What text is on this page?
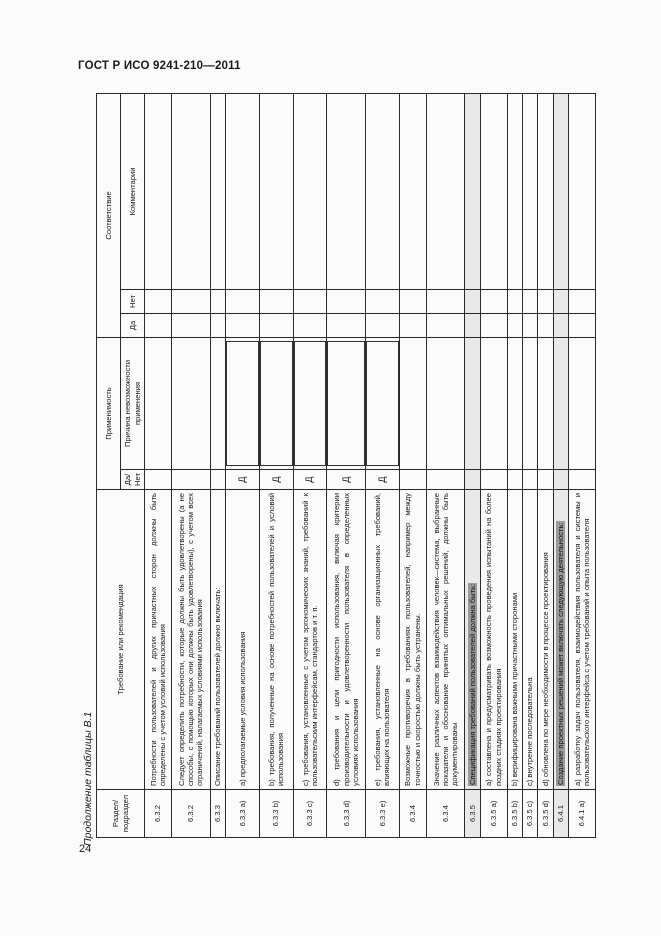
ГОСТ Р ИСО 9241-210—2011
24
Продолжение таблицы В.1 Раздел/ подраздел	Требование или рекомендация	Применимость		Соответствие		
		Да/Нет	Причина невозможности применения	Да	Нет	Комментарии
6.3.2	Потребности пользователей и других причастных сторон должны быть определены с учетом условий использования					
6.3.2	Следует определить потребности, которые должны быть удовлетворены (а не способы, с помощью которых они должны быть удовлетворены), с учетом всех ограничений, налагаемых условиями использования					
6.3.3	Описание требований пользователей должно включать:					
6.3.3 a)	a) предполагаемые условия использования	Д	

6.3.3 b)	b) требования, полученные на основе потребностей пользователей и условий использования	Д	

6.3.3 c)	c) требования, установленные с учетом эргономических знаний, требований к пользовательским интерфейсам, стандартов и т. п.	Д	

6.3.3 d)	d) требования и цели пригодности использования, включая критерии производительности и удовлетворенности пользователя в определенных условиях использования	Д	

6.3.3 e)	e) требования, установленные на основе организационных требований, влияющих на пользователя	Д	

6.3.4	Возможные противоречия в требованиях пользователей, например между точностью и скоростью должны быть устранены.					
6.3.4	Значение различных аспектов взаимодействия человек—система, выбранные показатели и обоснование принятых оптимальных решений, должны быть документированы					
6.3.5	Спецификация требований пользователей должна быть:					
6.3.5 a)	a) составлена и предусматривать возможность проведения испытаний на более поздних стадиях проектирования					
6.3.5 b)	b) верифицирована важными причастными сторонами					
6.3.5 c)	c) внутренне последовательна					
6.3.5 d)	d) обновлена по мере необходимости в процессе проектирования					
6.4.1	Создание проектных решений может включать следующую деятельность:					
6.4.1 a)	a) разработку задач пользователя, взаимодействия пользователя и системы и пользовательского интерфейса с учетом требований и опыта пользователя					
